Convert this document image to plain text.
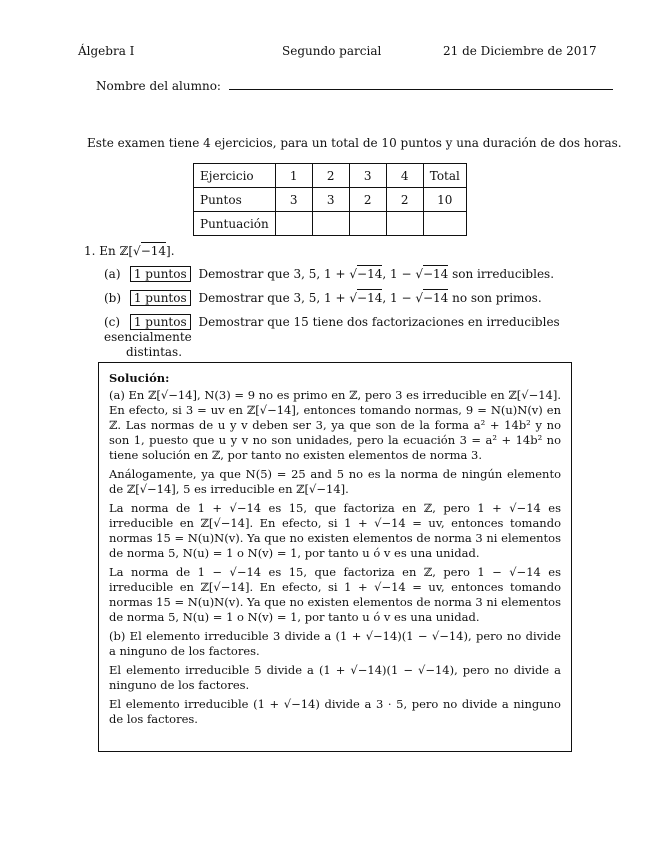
Álgebra I	Segundo parcial	21 de Diciembre de 2017
Nombre del alumno:
Este examen tiene 4 ejercicios, para un total de 10 puntos y una duración de dos horas.
Ejercicio	1	2	3	4	Total
Puntos	3	3	2	2	10
Puntuación					
1. En ℤ[√−14].
(a) 1 puntos Demostrar que 3, 5, 1 + √−14, 1 − √−14 son irreducibles.
(b) 1 puntos Demostrar que 3, 5, 1 + √−14, 1 − √−14 no son primos.
(c) 1 puntos Demostrar que 15 tiene dos factorizaciones en irreducibles esencialmente
distintas.

Solución:

(a) En ℤ[√−14], N(3) = 9 no es primo en ℤ, pero 3 es irreducible en ℤ[√−14]. En efecto, si 3 = uv en ℤ[√−14], entonces tomando normas, 9 = N(u)N(v) en ℤ. Las normas de u y v deben ser 3, ya que son de la forma a² + 14b² y no son 1, puesto que u y v no son unidades, pero la ecuación 3 = a² + 14b² no tiene solución en ℤ, por tanto no existen elementos de norma 3.

Análogamente, ya que N(5) = 25 and 5 no es la norma de ningún elemento de ℤ[√−14], 5 es irreducible en ℤ[√−14].

La norma de 1 + √−14 es 15, que factoriza en ℤ, pero 1 + √−14 es irreducible en ℤ[√−14]. En efecto, si 1 + √−14 = uv, entonces tomando normas 15 = N(u)N(v). Ya que no existen elementos de norma 3 ni elementos de norma 5, N(u) = 1 o N(v) = 1, por tanto u ó v es una unidad.

La norma de 1 − √−14 es 15, que factoriza en ℤ, pero 1 − √−14 es irreducible en ℤ[√−14]. En efecto, si 1 + √−14 = uv, entonces tomando normas 15 = N(u)N(v). Ya que no existen elementos de norma 3 ni elementos de norma 5, N(u) = 1 o N(v) = 1, por tanto u ó v es una unidad.

(b) El elemento irreducible 3 divide a (1 + √−14)(1 − √−14), pero no divide a ninguno de los factores.

El elemento irreducible 5 divide a (1 + √−14)(1 − √−14), pero no divide a ninguno de los factores.

El elemento irreducible (1 + √−14) divide a 3 · 5, pero no divide a ninguno de los factores.
